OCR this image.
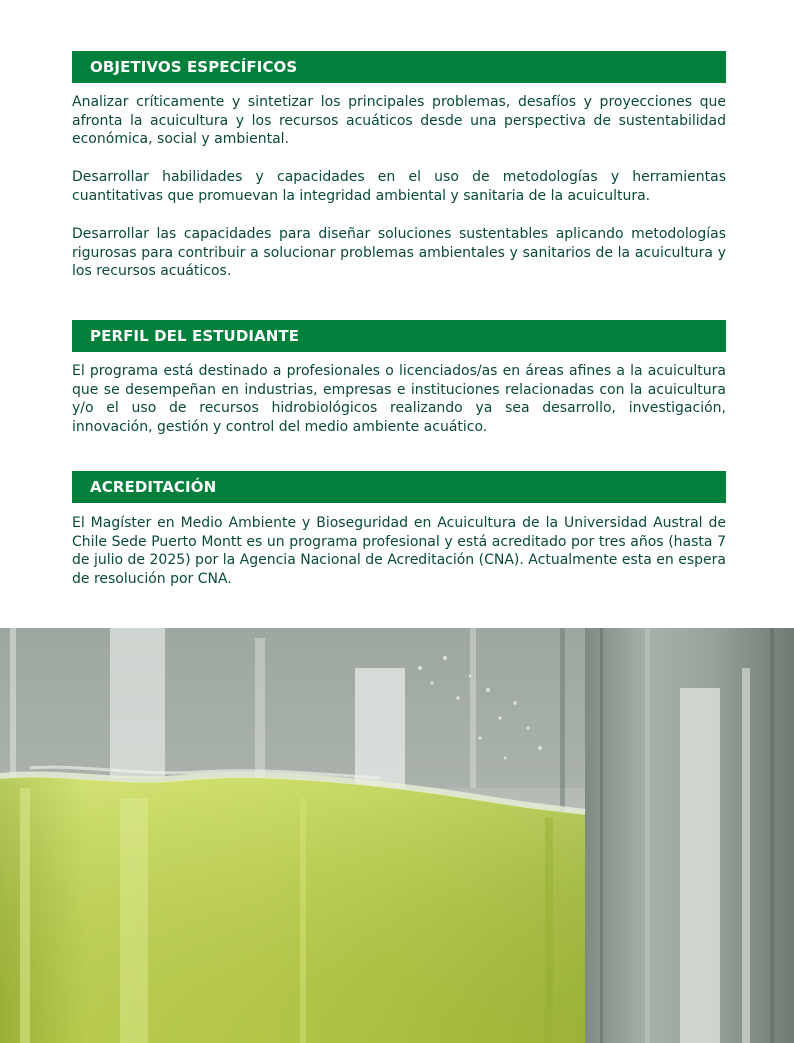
OBJETIVOS ESPECÍFICOS

Analizar críticamente y sintetizar los principales problemas, desafíos y proyecciones que afronta la acuicultura y los recursos acuáticos desde una perspectiva de sustentabilidad económica, social y ambiental.

Desarrollar habilidades y capacidades en el uso de metodologías y herramientas cuantitativas que promuevan la integridad ambiental y sanitaria de la acuicultura.

Desarrollar las capacidades para diseñar soluciones sustentables aplicando metodologías rigurosas para contribuir a solucionar problemas ambientales y sanitarios de la acuicultura y los recursos acuáticos.

PERFIL DEL ESTUDIANTE

El programa está destinado a profesionales o licenciados/as en áreas afines a la acuicultura que se desempeñan en industrias, empresas e instituciones relacionadas con la acuicultura y/o el uso de recursos hidrobiológicos realizando ya sea desarrollo, investigación, innovación, gestión y control del medio ambiente acuático.

ACREDITACIÓN

El Magíster en Medio Ambiente y Bioseguridad en Acuicultura de la Universidad Austral de Chile Sede Puerto Montt es un programa profesional y está acreditado por tres años (hasta 7 de julio de 2025) por la Agencia Nacional de Acreditación (CNA). Actualmente esta en espera de resolución por CNA.
